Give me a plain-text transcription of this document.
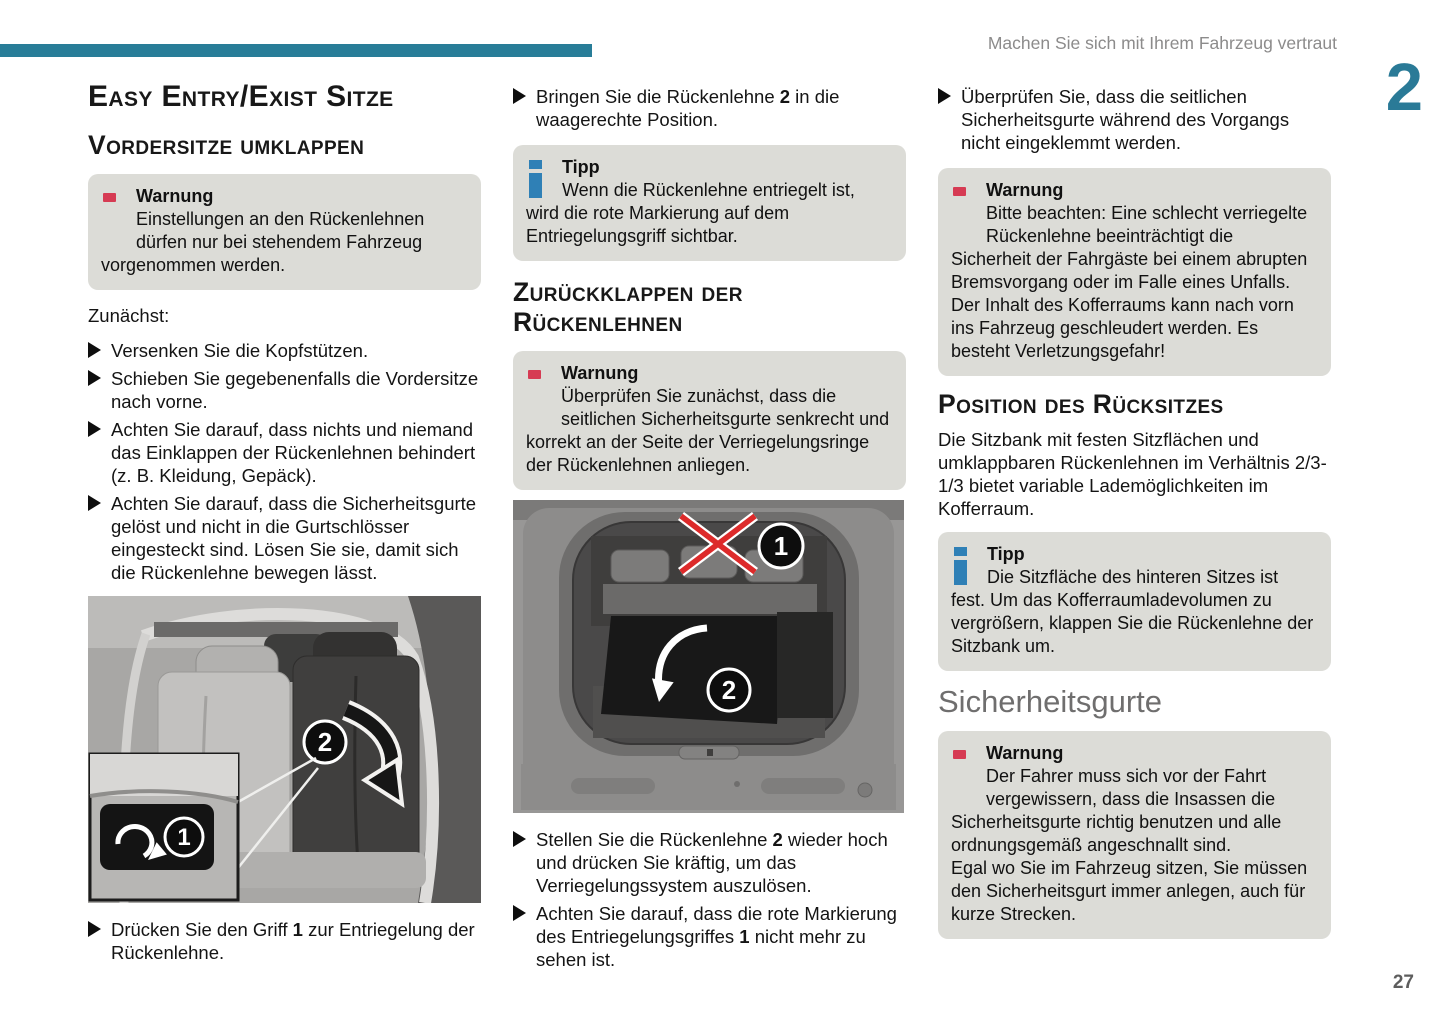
Machen Sie sich mit Ihrem Fahrzeug vertraut
2
27
Easy Entry/Exist Sitze
Vordersitze umklappen
Warnung
Einstellungen an den Rückenlehnen dürfen nur bei stehendem Fahrzeug vorgenommen werden.
Zunächst:
Versenken Sie die Kopfstützen.
Schieben Sie gegebenenfalls die Vordersitze nach vorne.
Achten Sie darauf, dass nichts und niemand das Einklappen der Rückenlehnen behindert (z. B. Kleidung, Gepäck).
Achten Sie darauf, dass die Sicherheitsgurte gelöst und nicht in die Gurtschlösser eingesteckt sind. Lösen Sie sie, damit sich die Rückenlehne bewegen lässt.
2
1
Drücken Sie den Griff 1 zur Entriegelung der Rückenlehne.
Bringen Sie die Rückenlehne 2 in die waagerechte Position.
Tipp
Wenn die Rückenlehne entriegelt ist, wird die rote Markierung auf dem Entriegelungsgriff sichtbar.
Zurückklappen der Rückenlehnen
Warnung
Überprüfen Sie zunächst, dass die seitlichen Sicherheitsgurte senkrecht und korrekt an der Seite der Verriegelungsringe der Rückenlehnen anliegen.
1
2
Stellen Sie die Rückenlehne 2 wieder hoch und drücken Sie kräftig, um das Verriegelungssystem auszulösen.
Achten Sie darauf, dass die rote Markierung des Entriegelungsgriffes 1 nicht mehr zu sehen ist.
Überprüfen Sie, dass die seitlichen Sicherheitsgurte während des Vorgangs nicht eingeklemmt werden.
Warnung
Bitte beachten: Eine schlecht verriegelte Rückenlehne beeinträchtigt die Sicherheit der Fahrgäste bei einem abrupten Bremsvorgang oder im Falle eines Unfalls.
Der Inhalt des Kofferraums kann nach vorn ins Fahrzeug geschleudert werden. Es besteht Verletzungsgefahr!
Position des Rücksitzes
Die Sitzbank mit festen Sitzflächen und umklappbaren Rückenlehnen im Verhältnis 2/3-1/3 bietet variable Lademöglichkeiten im Kofferraum.
Tipp
Die Sitzfläche des hinteren Sitzes ist fest. Um das Kofferraumladevolumen zu vergrößern, klappen Sie die Rückenlehne der Sitzbank um.
Sicherheitsgurte
Warnung
Der Fahrer muss sich vor der Fahrt vergewissern, dass die Insassen die Sicherheitsgurte richtig benutzen und alle ordnungsgemäß angeschnallt sind.
Egal wo Sie im Fahrzeug sitzen, Sie müssen den Sicherheitsgurt immer anlegen, auch für kurze Strecken.
